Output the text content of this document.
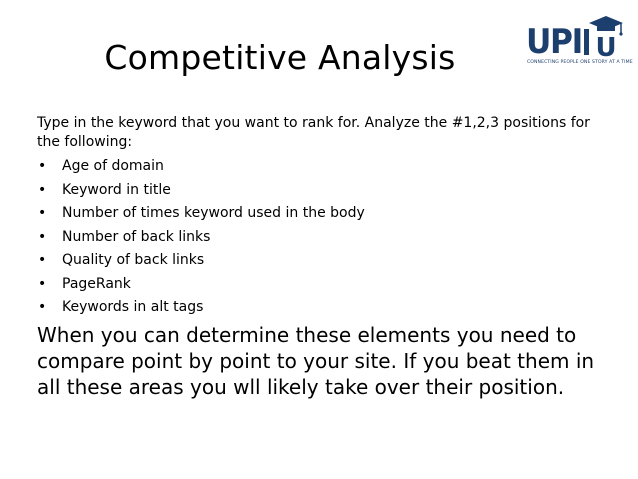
Competitive Analysis	UPI U
CONNECTING PEOPLE ONE STORY AT A TIME

Type in the keyword that you want to rank for. Analyze the #1,2,3 positions for the following:

• Age of domain
• Keyword in title
• Number of times keyword used in the body
• Number of back links
• Quality of back links
• PageRank
• Keywords in alt tags

When you can determine these elements you need to compare point by point to your site. If you beat them in all these areas you wll likely take over their position.
